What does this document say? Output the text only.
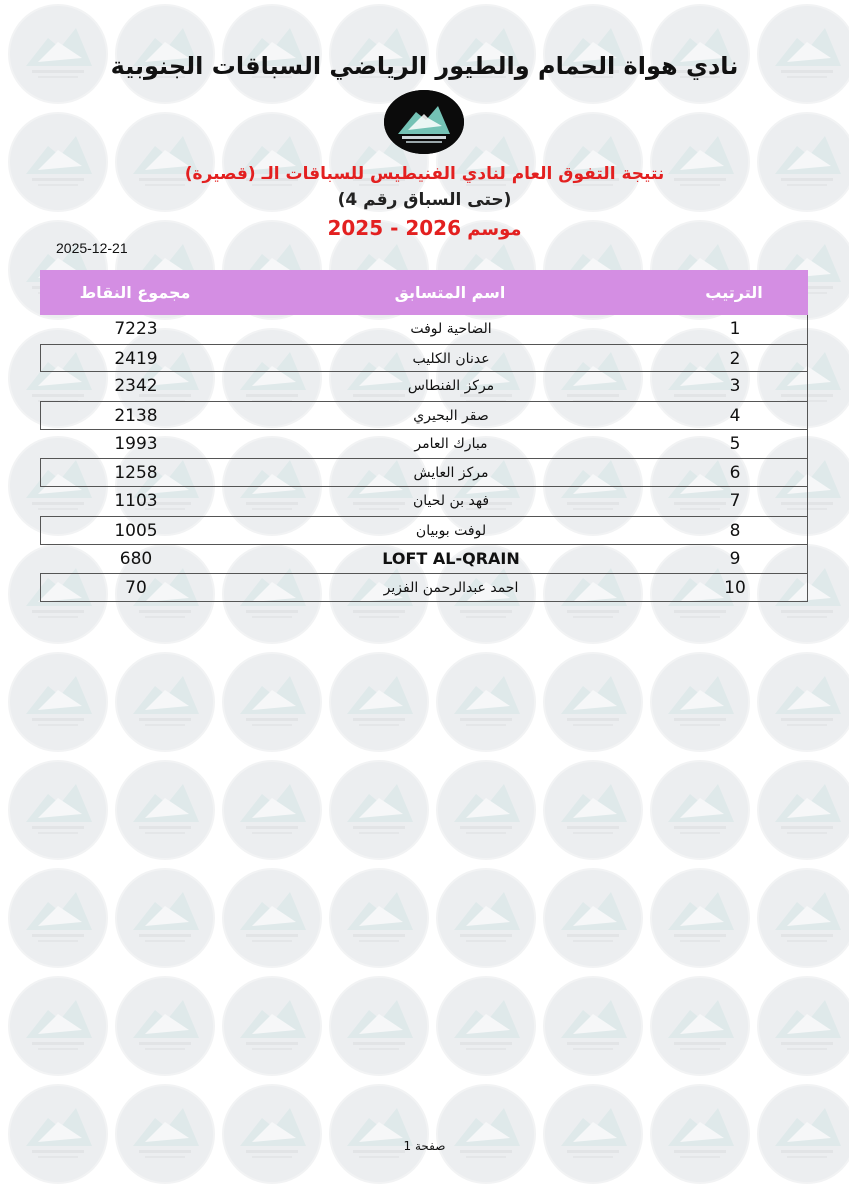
نادي هواة الحمام والطيور الرياضي السباقات الجنوبية
نتيجة التفوق العام لنادي الفنيطيس للسباقات الـ (قصيرة)
(حتى السباق رقم 4)
موسم 2025 - 2026
2025-12-21
الترتيب
اسم المتسابق
مجموع النقاط
1
الضاحية لوفت
7223
2
عدنان الكليب
2419
3
مركز الفنطاس
2342
4
صقر البحيري
2138
5
مبارك العامر
1993
6
مركز العايش
1258
7
فهد بن لحيان
1103
8
لوفت بوبيان
1005
9
LOFT AL-QRAIN
680
10
احمد عبدالرحمن الفزير
70
صفحة 1
